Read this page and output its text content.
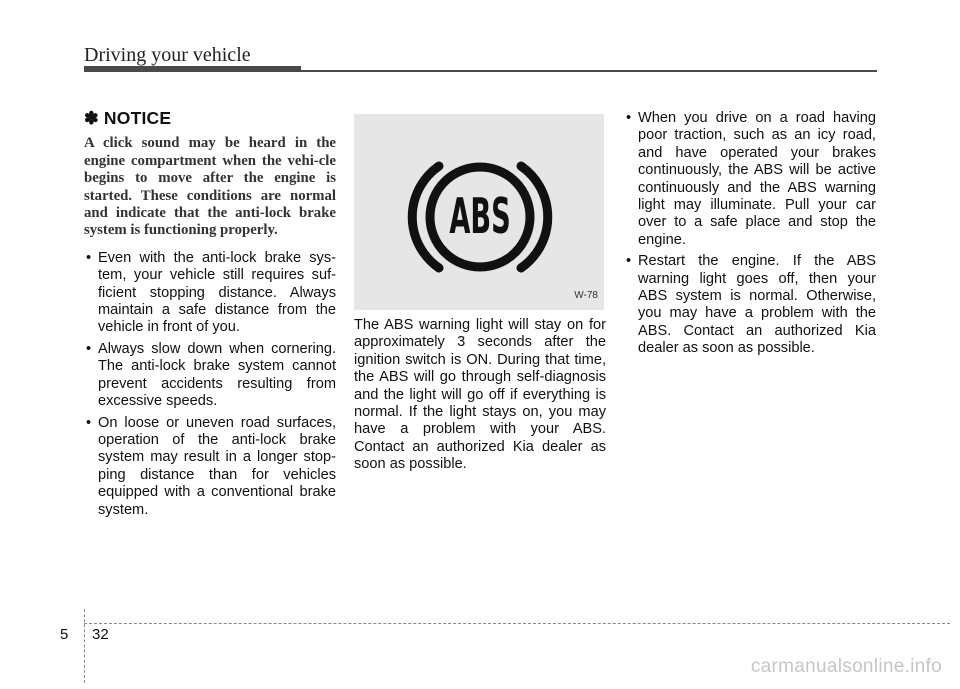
Driving your vehicle
✽ NOTICE

A click sound may be heard in the engine compartment when the vehi-cle begins to move after the engine is started. These conditions are normal and indicate that the anti-lock brake system is functioning properly.

• Even with the anti-lock brake sys-tem, your vehicle still requires suf-ficient stopping distance. Always maintain a safe distance from the vehicle in front of you.
• Always slow down when cornering. The anti-lock brake system cannot prevent accidents resulting from excessive speeds.
• On loose or uneven road surfaces, operation of the anti-lock brake system may result in a longer stop-ping distance than for vehicles equipped with a conventional brake system.
ABS
W-78

The ABS warning light will stay on for approximately 3 seconds after the ignition switch is ON. During that time, the ABS will go through self-diagnosis and the light will go off if everything is normal. If the light stays on, you may have a problem with your ABS. Contact an authorized Kia dealer as soon as possible.

• When you drive on a road having poor traction, such as an icy road, and have operated your brakes continuously, the ABS will be active continuously and the ABS warning light may illuminate. Pull your car over to a safe place and stop the engine.
• Restart the engine. If the ABS warning light goes off, then your ABS system is normal. Otherwise, you may have a problem with the ABS. Contact an authorized Kia dealer as soon as possible.
5 32
carmanualsonline.info
